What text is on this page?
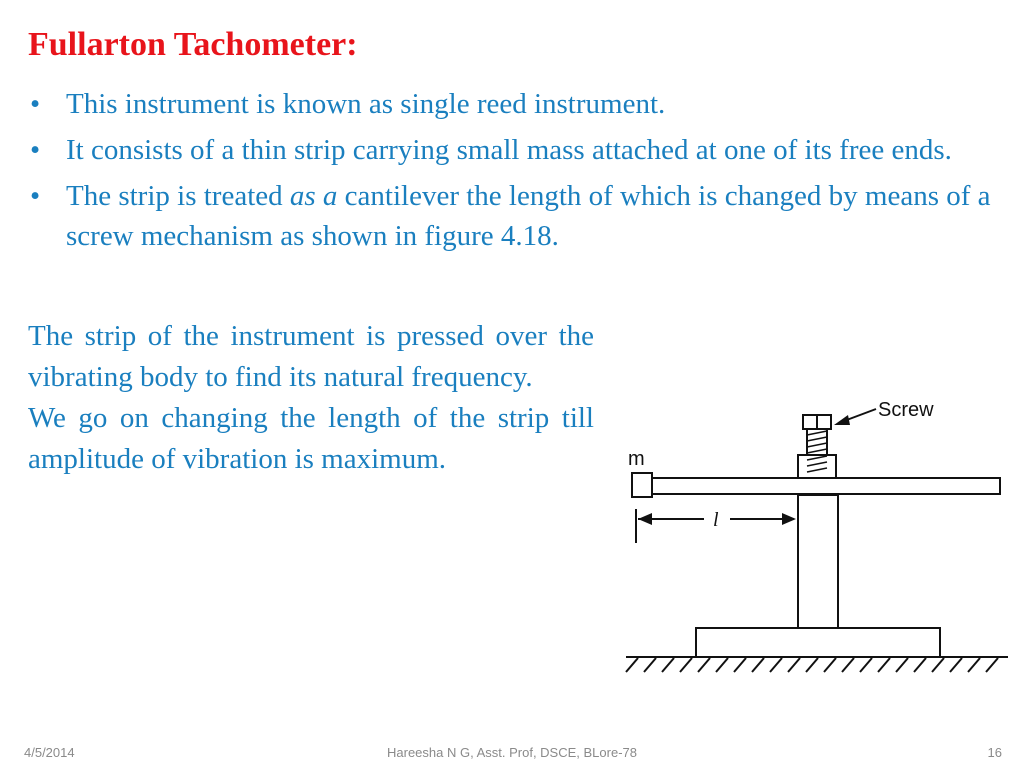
Fullarton Tachometer:
• This instrument is known as single reed instrument.
• It consists of a thin strip carrying small mass attached at one of its free ends.
• The strip is treated as a cantilever the length of which is changed by means of a screw mechanism as shown in figure 4.18.

The strip of the instrument is pressed over the vibrating body to find its natural frequency.

We go on changing the length of the strip till amplitude of vibration is maximum.	m
Screw
l
4/5/2014	Hareesha N G, Asst. Prof, DSCE, BLore-78	16
